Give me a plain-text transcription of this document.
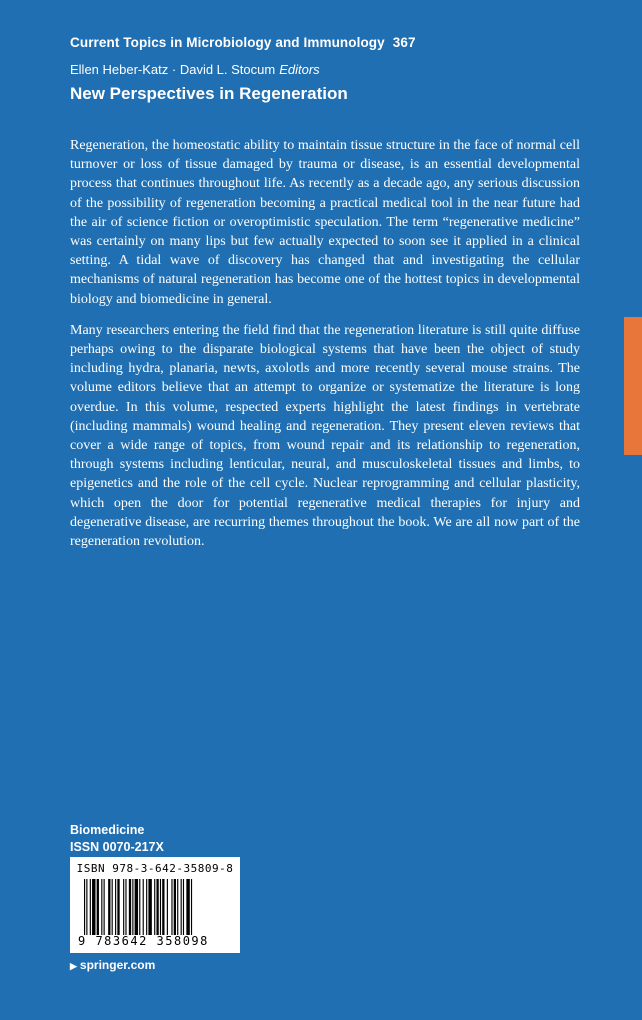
Current Topics in Microbiology and Immunology 367
Ellen Heber-Katz · David L. Stocum Editors
New Perspectives in Regeneration

Regeneration, the homeostatic ability to maintain tissue structure in the face of normal cell turnover or loss of tissue damaged by trauma or disease, is an essential developmental process that continues throughout life. As recently as a decade ago, any serious discussion of the possibility of regeneration becoming a practical medical tool in the near future had the air of science fiction or overoptimistic speculation. The term “regenerative medicine” was certainly on many lips but few actually expected to soon see it applied in a clinical setting. A tidal wave of discovery has changed that and investigating the cellular mechanisms of natural regeneration has become one of the hottest topics in developmental biology and biomedicine in general.

Many researchers entering the field find that the regeneration literature is still quite diffuse perhaps owing to the disparate biological systems that have been the object of study including hydra, planaria, newts, axolotls and more recently several mouse strains. The volume editors believe that an attempt to organize or systematize the literature is long overdue. In this volume, respected experts highlight the latest findings in vertebrate (including mammals) wound healing and regeneration. They present eleven reviews that cover a wide range of topics, from wound repair and its relationship to regeneration, through systems including lenticular, neural, and musculoskeletal tissues and limbs, to epigenetics and the role of the cell cycle. Nuclear reprogramming and cellular plasticity, which open the door for potential regenerative medical therapies for injury and degenerative disease, are recurring themes throughout the book. We are all now part of the regeneration revolution.

Biomedicine
ISSN 0070-217X
ISBN 978-3-642-35809-8
9 783642 358098
▶ springer.com
